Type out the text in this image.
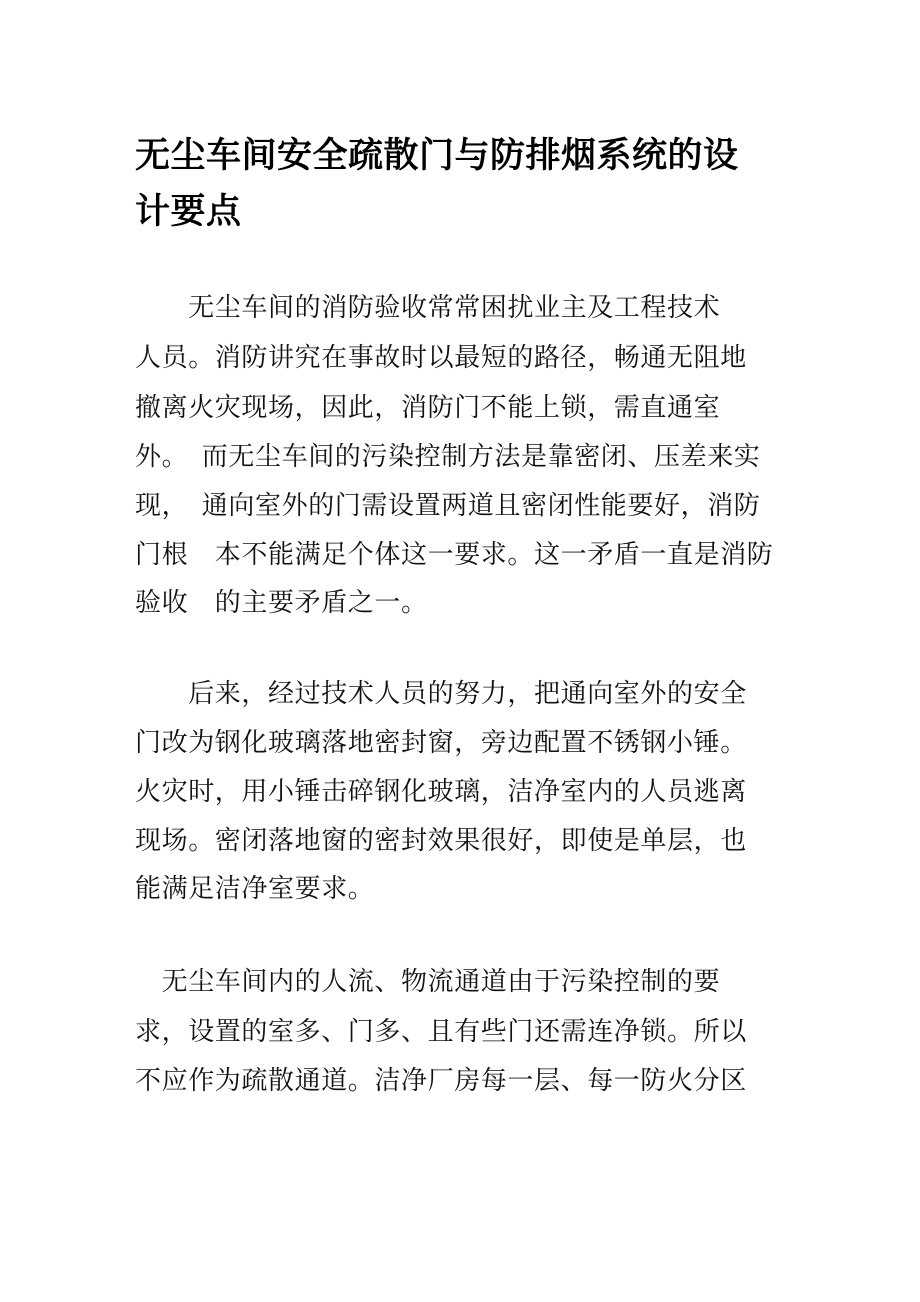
无尘车间安全疏散门与防排烟系统的设
计要点
　　无尘车间的消防验收常常困扰业主及工程技术
人员。消防讲究在事故时以最短的路径，畅通无阻地
撤离火灾现场，因此，消防门不能上锁，需直通室
外。　而无尘车间的污染控制方法是靠密闭、压差来实
现，　通向室外的门需设置两道且密闭性能要好，消防
门根　本不能满足个体这一要求。这一矛盾一直是消防
验收　的主要矛盾之一。
　　后来，经过技术人员的努力，把通向室外的安全
门改为钢化玻璃落地密封窗，旁边配置不锈钢小锤。
火灾时，用小锤击碎钢化玻璃，洁净室内的人员逃离
现场。密闭落地窗的密封效果很好，即使是单层，也
能满足洁净室要求。
　无尘车间内的人流、物流通道由于污染控制的要
求，设置的室多、门多、且有些门还需连净锁。所以
不应作为疏散通道。洁净厂房每一层、每一防火分区
